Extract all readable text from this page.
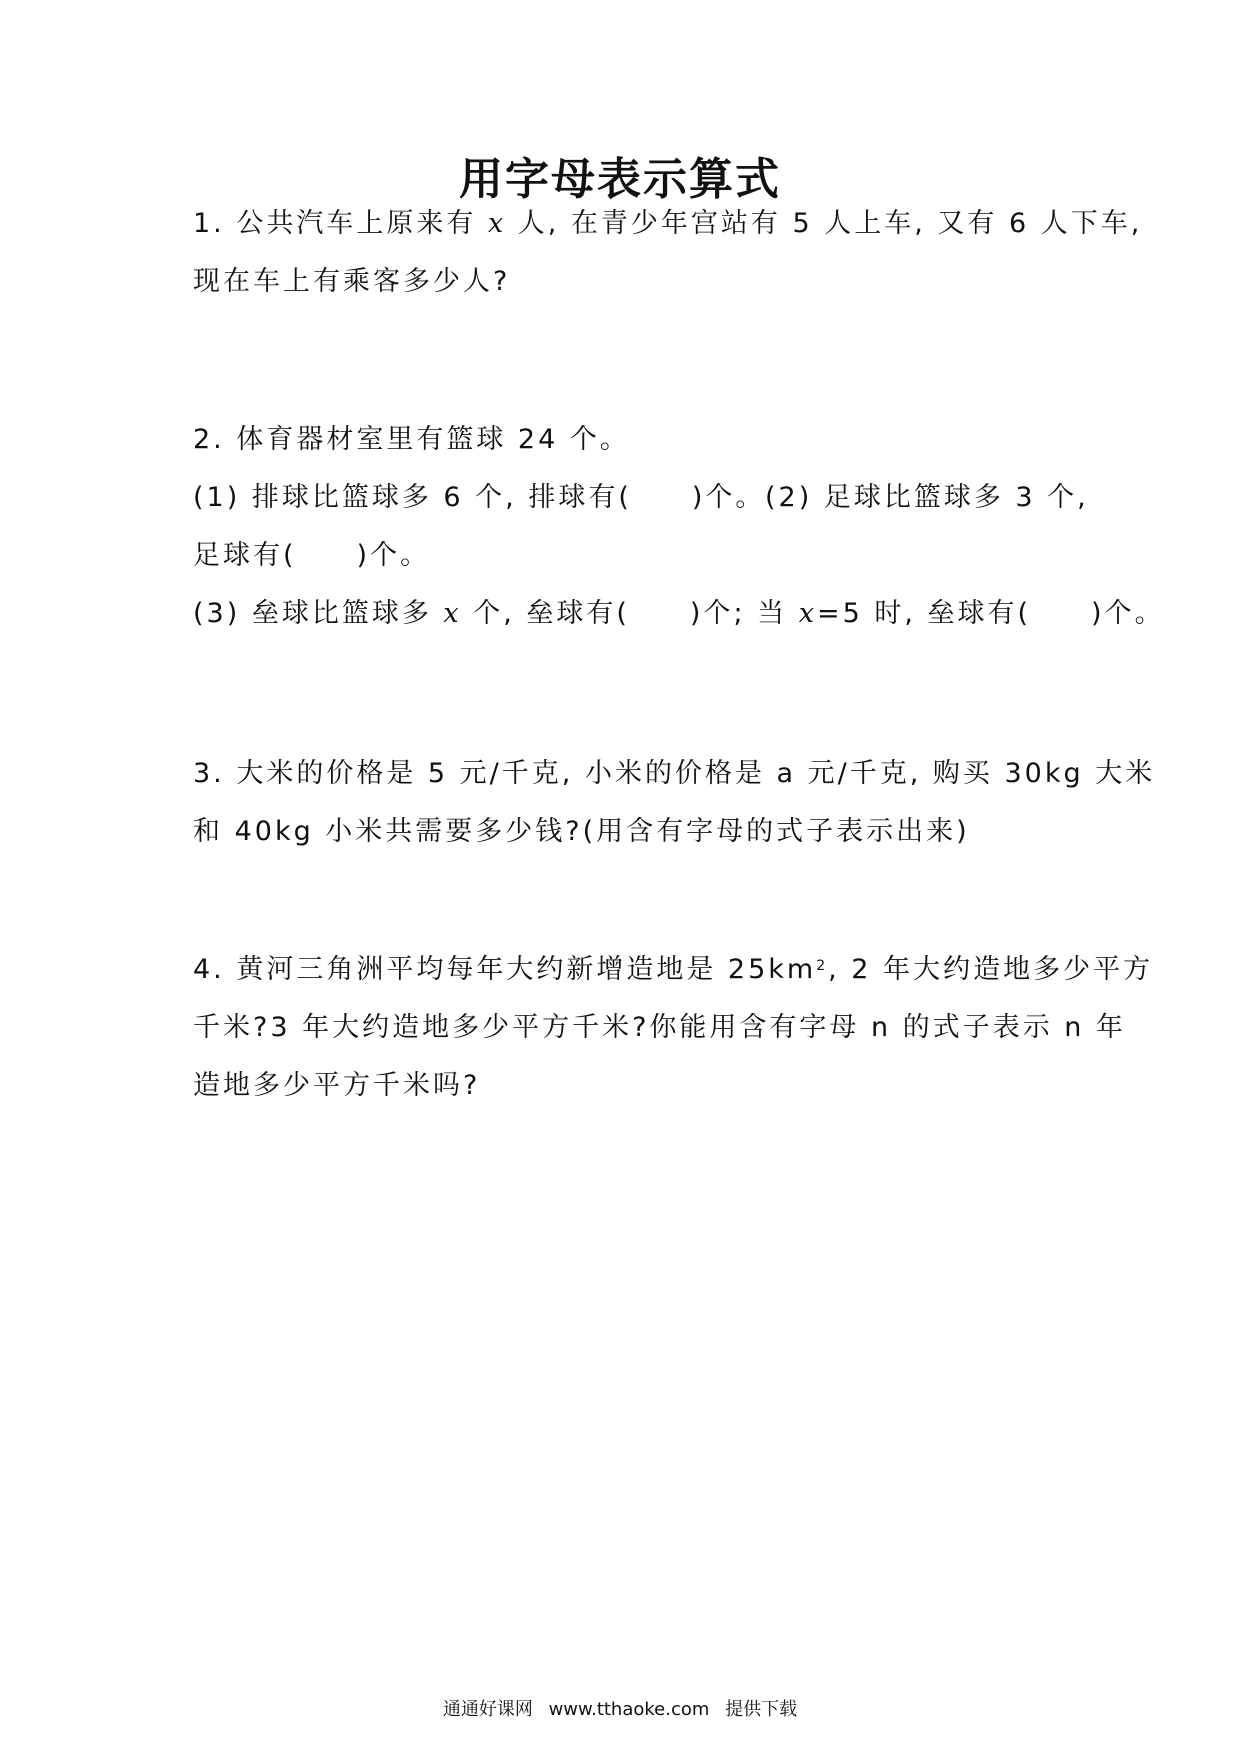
用字母表示算式
1. 公共汽车上原来有 x 人, 在青少年宫站有 5 人上车, 又有 6 人下车,
现在车上有乘客多少人?
2. 体育器材室里有篮球 24 个。
(1) 排球比篮球多 6 个, 排球有(　　)个。 (2) 足球比篮球多 3 个,
足球有(　　)个。
(3) 垒球比篮球多 x 个, 垒球有(　　)个; 当 x=5 时, 垒球有(　　)个。
3. 大米的价格是 5 元/千克, 小米的价格是 a 元/千克, 购买 30kg 大米
和 40kg 小米共需要多少钱?(用含有字母的式子表示出来)
4. 黄河三角洲平均每年大约新增造地是 $25km^2$, 2 年大约造地多少平方
千米?3 年大约造地多少平方千米?你能用含有字母 n 的式子表示 n 年
造地多少平方千米吗?
通通好课网 www.tthaoke.com 提供下载
